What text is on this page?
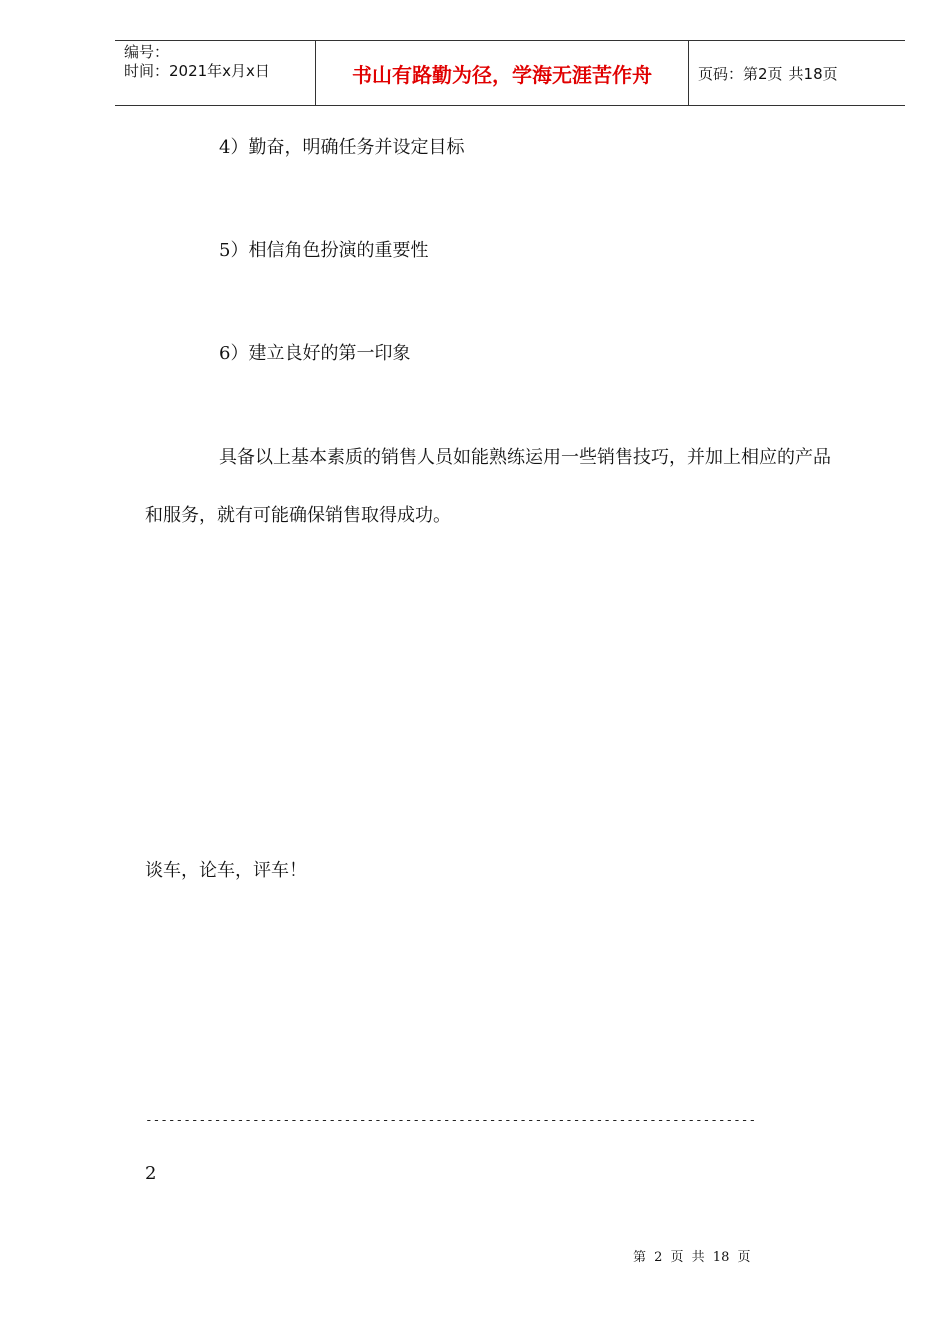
编号：
时间：2021年x月x日	书山有路勤为径，学海无涯苦作舟	页码：第2页 共18页
4）勤奋，明确任务并设定目标
5）相信角色扮演的重要性
6）建立良好的第一印象
具备以上基本素质的销售人员如能熟练运用一些销售技巧，并加上相应的产品
和服务，就有可能确保销售取得成功。
谈车，论车，评车！
--------------------------------------------------------------------------------
2
第 2 页 共 18 页
